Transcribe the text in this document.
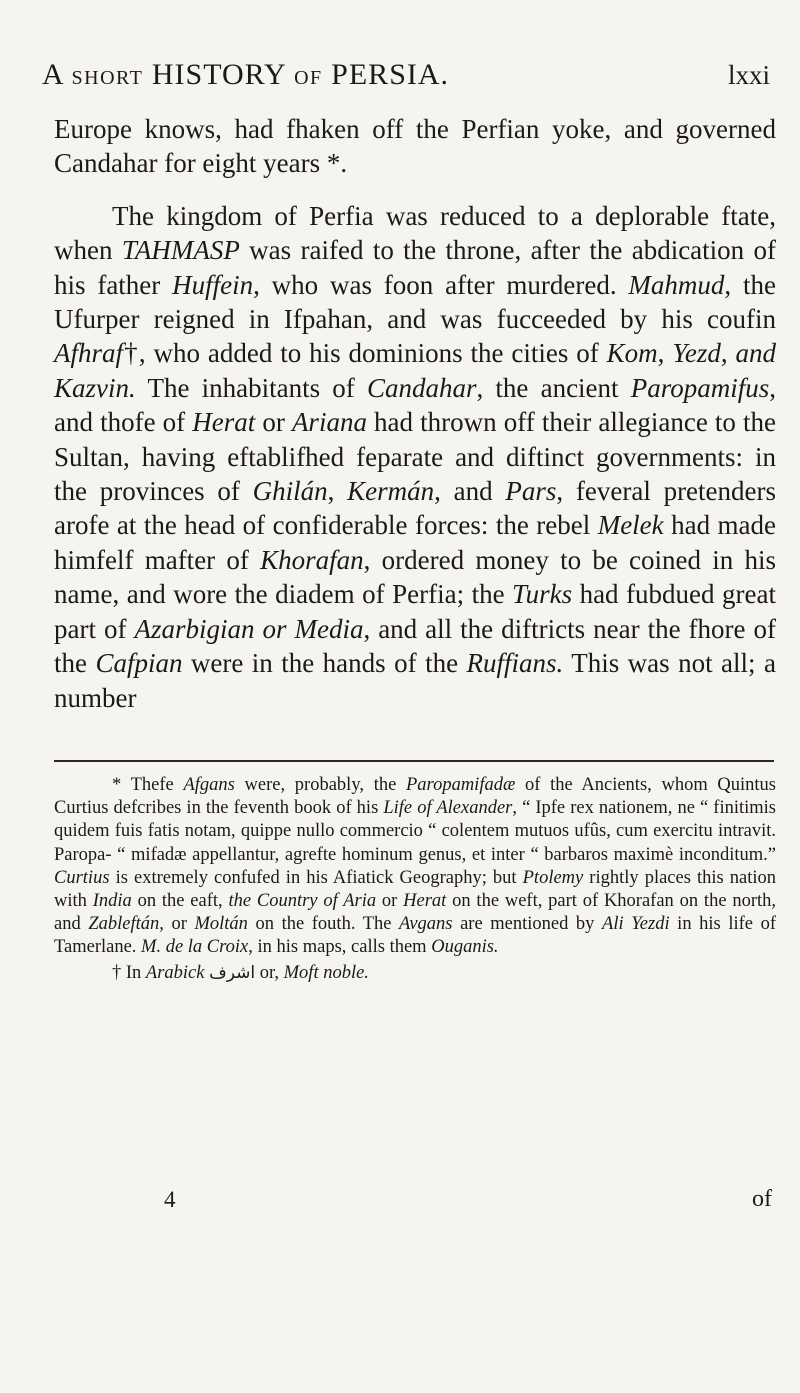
A SHORT HISTORY OF PERSIA.	lxxi

Europe knows, had fhaken off the Perfian yoke, and governed Candahar for eight years *.

The kingdom of Perfia was reduced to a deplorable ftate, when TAHMASP was raifed to the throne, after the abdication of his father Huffein, who was foon after murdered. Mahmud, the Ufurper reigned in Ifpahan, and was fucceeded by his coufin Afhraf†, who added to his dominions the cities of Kom, Yezd, and Kazvin. The inhabitants of Candahar, the ancient Paropamifus, and thofe of Herat or Ariana had thrown off their allegiance to the Sultan, having eftablifhed feparate and diftinct governments: in the provinces of Ghilán, Kermán, and Pars, feveral pretenders arofe at the head of confiderable forces: the rebel Melek had made himfelf mafter of Khorafan, ordered money to be coined in his name, and wore the diadem of Perfia; the Turks had fubdued great part of Azarbigian or Media, and all the diftricts near the fhore of the Cafpian were in the hands of the Ruffians. This was not all; a number

* Thefe Afgans were, probably, the Paropamifadæ of the Ancients, whom Quintus Curtius defcribes in the feventh book of his Life of Alexander, “ Ipfe rex nationem, ne “ finitimis quidem fuis fatis notam, quippe nullo commercio “ colentem mutuos ufûs, cum exercitu intravit. Paropa- “ mifadæ appellantur, agrefte hominum genus, et inter “ barbaros maximè inconditum.” Curtius is extremely confufed in his Afiatick Geography; but Ptolemy rightly places this nation with India on the eaft, the Country of Aria or Herat on the weft, part of Khorafan on the north, and Zableftán, or Moltán on the fouth. The Avgans are mentioned by Ali Yezdi in his life of Tamerlane. M. de la Croix, in his maps, calls them Ouganis.

† In Arabick اشرف or, Moft noble.

4	of
